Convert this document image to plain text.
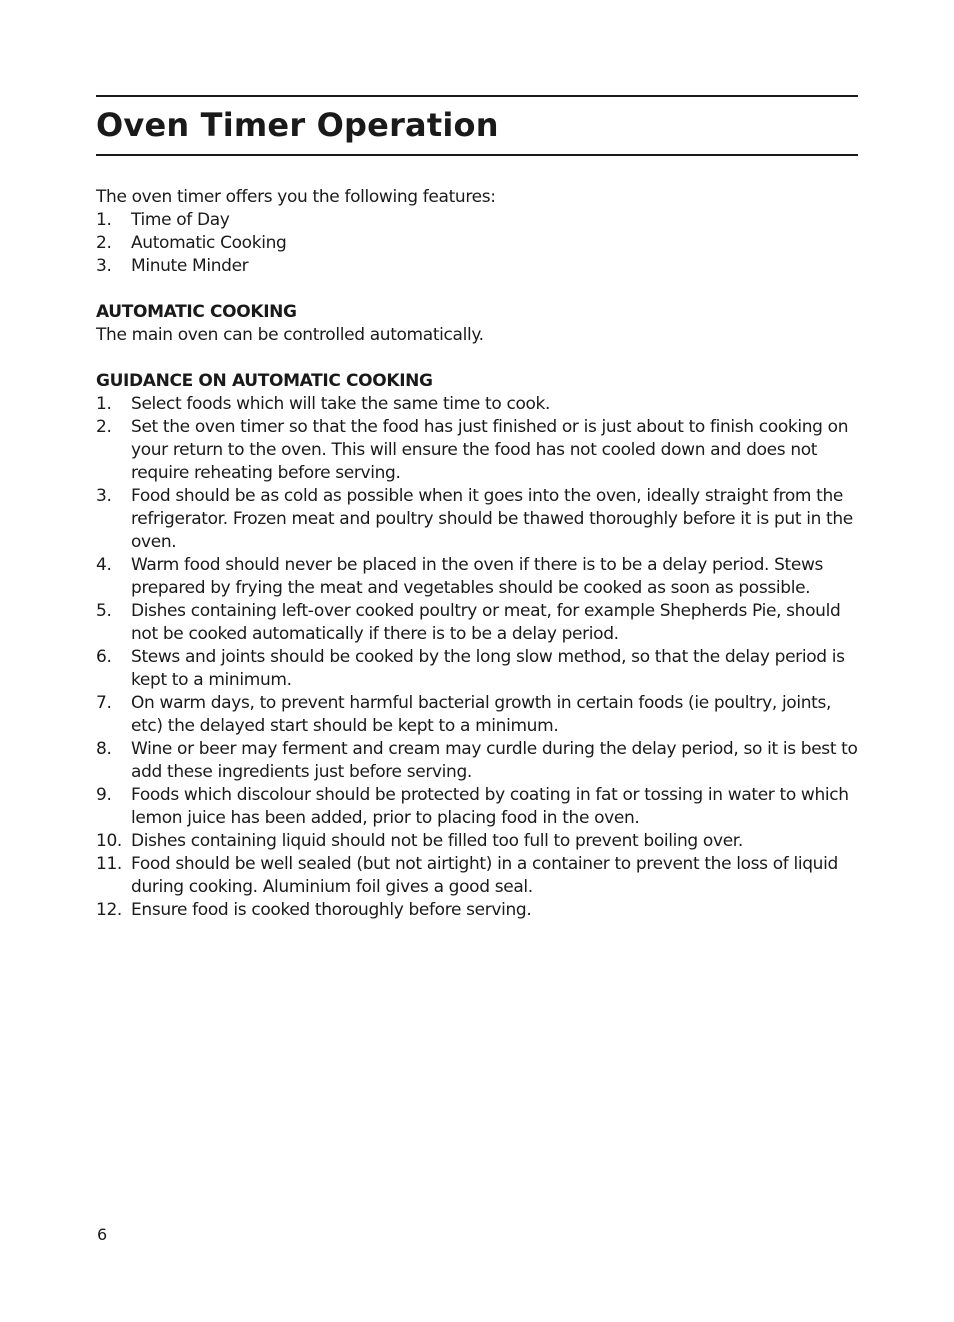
Oven Timer Operation

The oven timer offers you the following features:

1.	Time of Day
2.	Automatic Cooking
3.	Minute Minder

AUTOMATIC COOKING

The main oven can be controlled automatically.

GUIDANCE ON AUTOMATIC COOKING

1.	Select foods which will take the same time to cook.
2.	Set the oven timer so that the food has just finished or is just about to finish cooking on your return to the oven. This will ensure the food has not cooled down and does not require reheating before serving.
3.	Food should be as cold as possible when it goes into the oven, ideally straight from the refrigerator. Frozen meat and poultry should be thawed thoroughly before it is put in the oven.
4.	Warm food should never be placed in the oven if there is to be a delay period. Stews prepared by frying the meat and vegetables should be cooked as soon as possible.
5.	Dishes containing left-over cooked poultry or meat, for example Shepherds Pie, should not be cooked automatically if there is to be a delay period.
6.	Stews and joints should be cooked by the long slow method, so that the delay period is kept to a minimum.
7.	On warm days, to prevent harmful bacterial growth in certain foods (ie poultry, joints, etc) the delayed start should be kept to a minimum.
8.	Wine or beer may ferment and cream may curdle during the delay period, so it is best to add these ingredients just before serving.
9.	Foods which discolour should be protected by coating in fat or tossing in water to which lemon juice has been added, prior to placing food in the oven.
10. Dishes containing liquid should not be filled too full to prevent boiling over.
11. Food should be well sealed (but not airtight) in a container to prevent the loss of liquid during cooking. Aluminium foil gives a good seal.
12. Ensure food is cooked thoroughly before serving.
6
